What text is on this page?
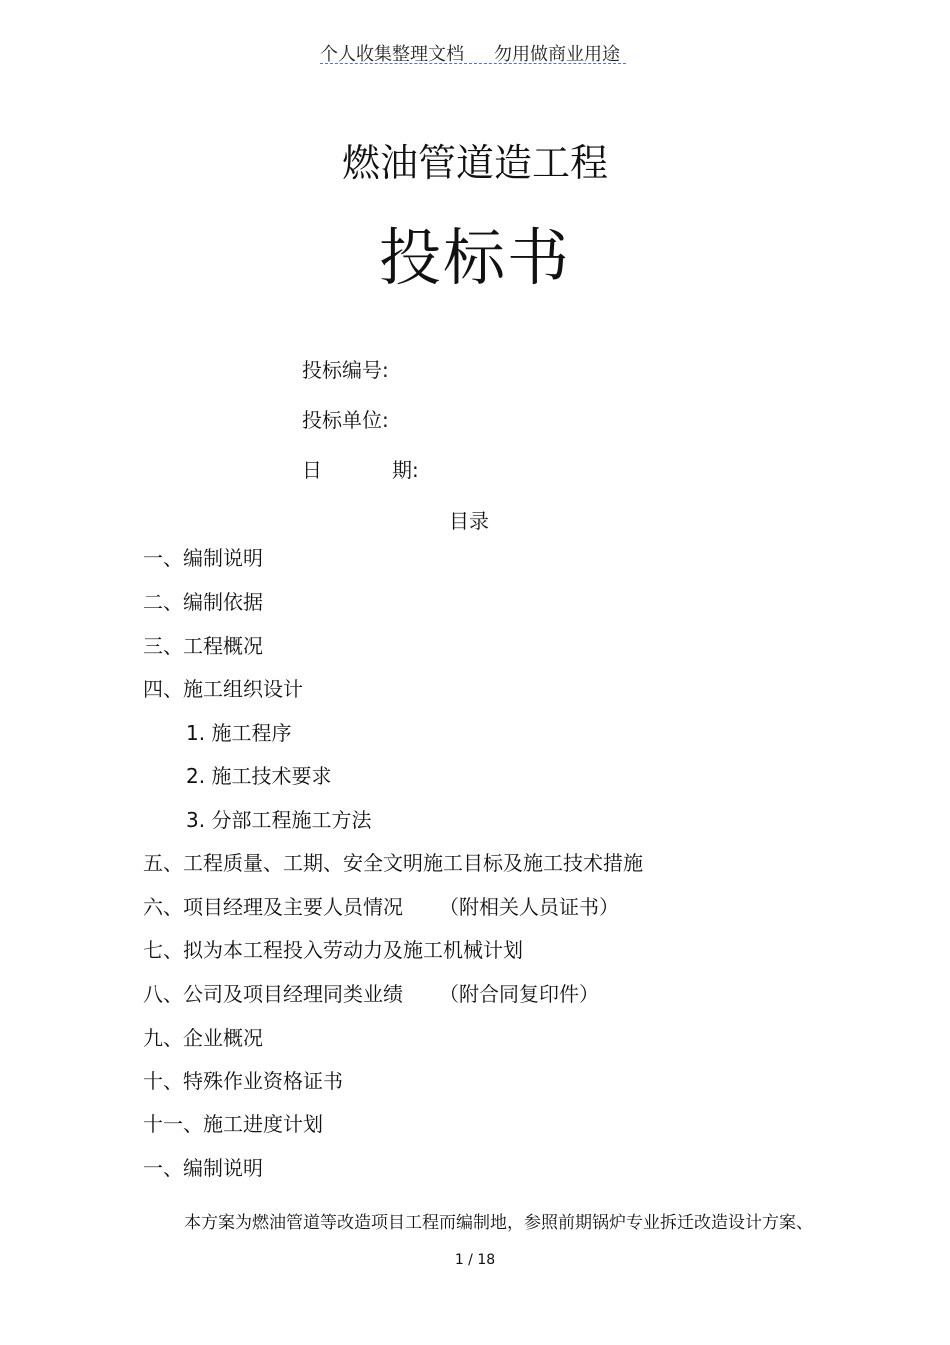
个人收集整理文档 勿用做商业用途
燃油管道造工程
投标书
投标编号:
投标单位:
日	期:
目录
一、编制说明
二、编制依据
三、工程概况
四、施工组织设计
1. 施工程序
2. 施工技术要求
3. 分部工程施工方法
五、工程质量、工期、安全文明施工目标及施工技术措施
六、项目经理及主要人员情况 （附相关人员证书）
七、拟为本工程投入劳动力及施工机械计划
八、公司及项目经理同类业绩 （附合同复印件）
九、企业概况
十、特殊作业资格证书
十一、施工进度计划
一、编制说明
本方案为燃油管道等改造项目工程而编制地，参照前期锅炉专业拆迁改造设计方案、
1 / 18
